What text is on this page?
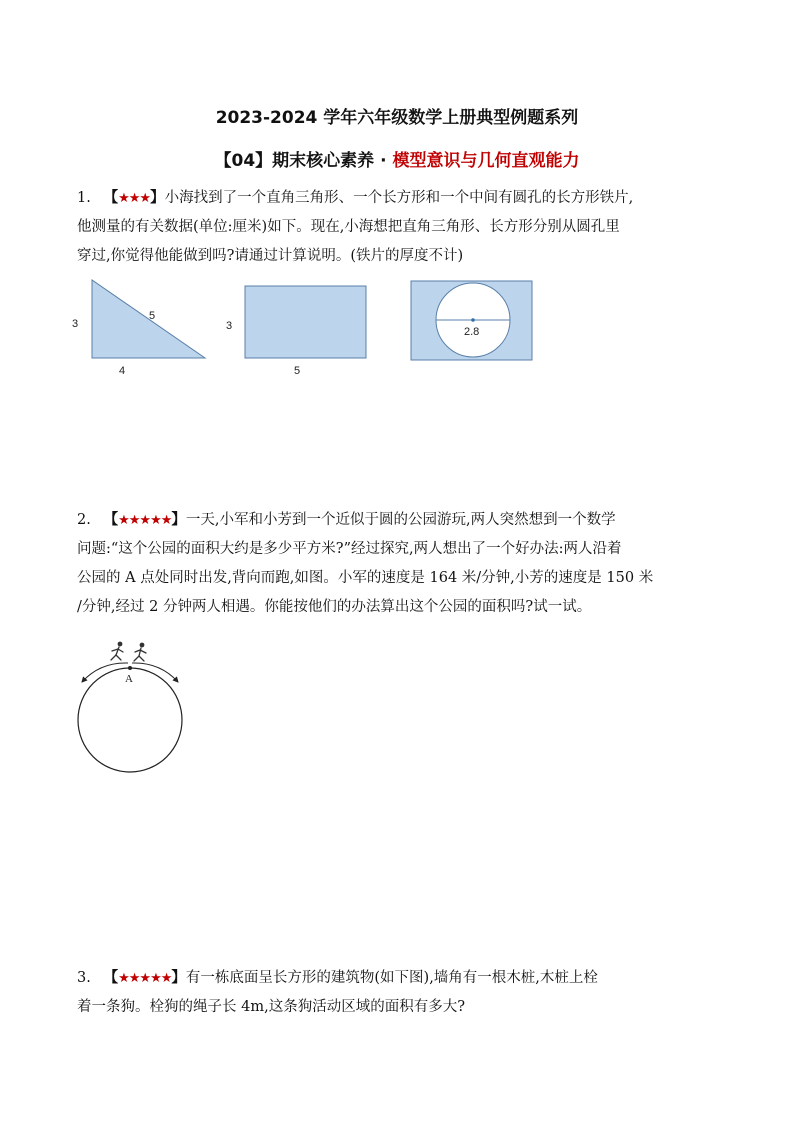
2023-2024 学年六年级数学上册典型例题系列
【04】期末核心素养 · 模型意识与几何直观能力
1. 【★★★】小海找到了一个直角三角形、一个长方形和一个中间有圆孔的长方形铁片,
他测量的有关数据(单位:厘米)如下。现在,小海想把直角三角形、长方形分别从圆孔里
穿过,你觉得他能做到吗?请通过计算说明。(铁片的厚度不计)
3
5
4
3
5
2.8
2. 【★★★★★】一天,小军和小芳到一个近似于圆的公园游玩,两人突然想到一个数学
问题:“这个公园的面积大约是多少平方米?”经过探究,两人想出了一个好办法:两人沿着
公园的 A 点处同时出发,背向而跑,如图。小军的速度是 164 米/分钟,小芳的速度是 150 米
/分钟,经过 2 分钟两人相遇。你能按他们的办法算出这个公园的面积吗?试一试。
A
3. 【★★★★★】有一栋底面呈长方形的建筑物(如下图),墙角有一根木桩,木桩上栓
着一条狗。栓狗的绳子长 4m,这条狗活动区域的面积有多大?
